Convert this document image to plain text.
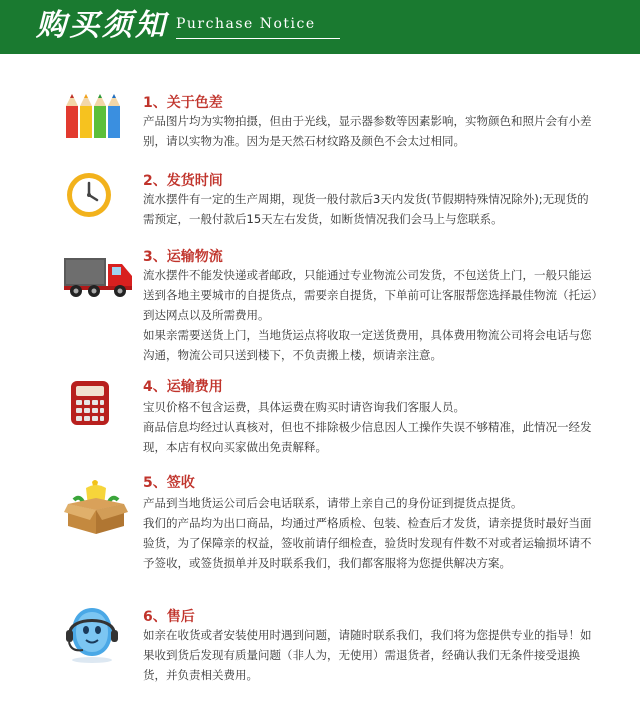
购买须知 Purchase Notice
1、关于色差

产品图片均为实物拍摄，但由于光线，显示器参数等因素影响，实物颜色和照片会有小差别，请以实物为准。因为是天然石材纹路及颜色不会太过相同。

2、发货时间

流水摆件有一定的生产周期，现货一般付款后3天内发货(节假期特殊情况除外);无现货的需预定，一般付款后15天左右发货，如断货情况我们会马上与您联系。

3、运输物流

流水摆件不能发快递或者邮政，只能通过专业物流公司发货，不包送货上门，一般只能运送到各地主要城市的自提货点，需要亲自提货，下单前可让客服帮您选择最佳物流（托运）到达网点以及所需费用。

如果亲需要送货上门，当地货运点将收取一定送货费用，具体费用物流公司将会电话与您沟通，物流公司只送到楼下，不负责搬上楼，烦请亲注意。

4、运输费用

宝贝价格不包含运费，具体运费在购买时请咨询我们客服人员。

商品信息均经过认真核对，但也不排除极少信息因人工操作失误不够精准，此情况一经发现，本店有权向买家做出免责解释。

5、签收

产品到当地货运公司后会电话联系，请带上亲自己的身份证到提货点提货。

我们的产品均为出口商品，均通过严格质检、包装、检查后才发货，请亲提货时最好当面验货，为了保障亲的权益，签收前请仔细检查，验货时发现有件数不对或者运输损坏请不予签收，或签货损单并及时联系我们，我们都客服将为您提供解决方案。

6、售后

如亲在收货或者安装使用时遇到问题，请随时联系我们，我们将为您提供专业的指导！如果收到货后发现有质量问题（非人为，无使用）需退货者，经确认我们无条件接受退换货，并负责相关费用。
